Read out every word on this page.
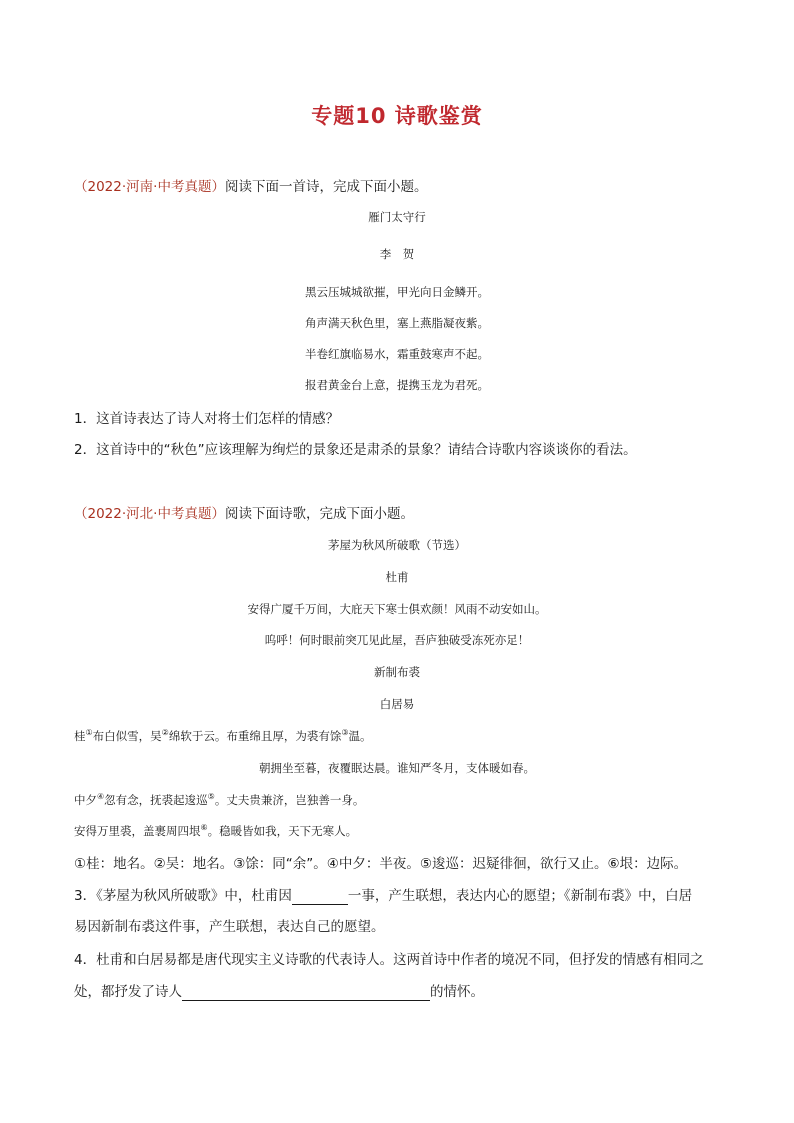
专题10 诗歌鉴赏
（2022·河南·中考真题）阅读下面一首诗，完成下面小题。
雁门太守行
李　贺
黑云压城城欲摧，甲光向日金鳞开。
角声满天秋色里，塞上燕脂凝夜紫。
半卷红旗临易水，霜重鼓寒声不起。
报君黄金台上意，提携玉龙为君死。
1．这首诗表达了诗人对将士们怎样的情感？
2．这首诗中的“秋色”应该理解为绚烂的景象还是肃杀的景象？请结合诗歌内容谈谈你的看法。
（2022·河北·中考真题）阅读下面诗歌，完成下面小题。
茅屋为秋风所破歌（节选）
杜甫
安得广厦千万间，大庇天下寒士俱欢颜！风雨不动安如山。
呜呼！何时眼前突兀见此屋，吾庐独破受冻死亦足！
新制布裘
白居易
桂①布白似雪，吴②绵软于云。布重绵且厚，为裘有馀③温。
朝拥坐至暮，夜覆眠达晨。谁知严冬月，支体暖如春。
中夕④忽有念，抚裘起逡巡⑤。丈夫贵兼济，岂独善一身。
安得万里裘，盖裹周四垠⑥。稳暖皆如我，天下无寒人。
①桂：地名。②吴：地名。③馀：同“余”。④中夕：半夜。⑤逡巡：迟疑徘徊，欲行又止。⑥垠：边际。
3．《茅屋为秋风所破歌》中，杜甫因	一事，产生联想，表达内心的愿望；《新制布裘》中，白居
易因新制布裘这件事，产生联想，表达自己的愿望。
4．杜甫和白居易都是唐代现实主义诗歌的代表诗人。这两首诗中作者的境况不同，但抒发的情感有相同之
处，都抒发了诗人	的情怀。
